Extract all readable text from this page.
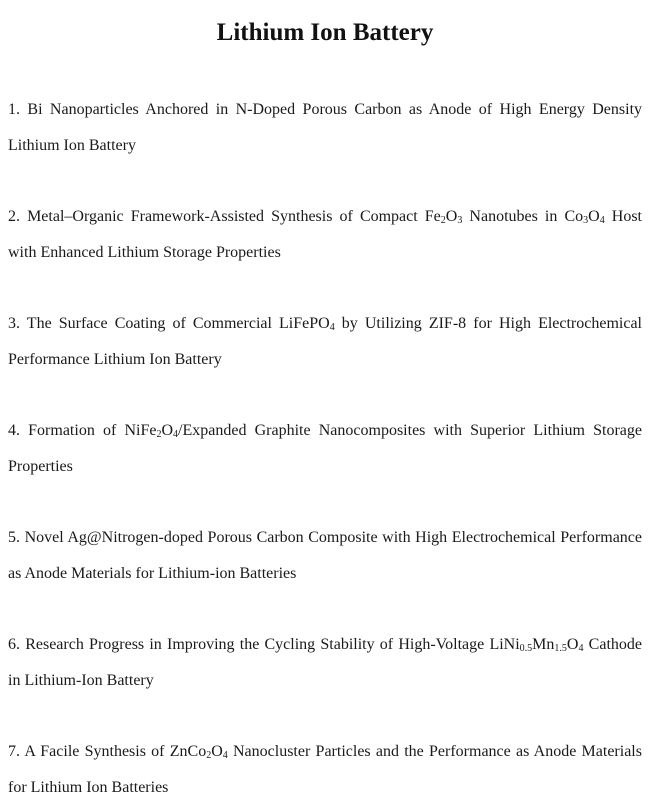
Lithium Ion Battery
1. Bi Nanoparticles Anchored in N-Doped Porous Carbon as Anode of High Energy Density Lithium Ion Battery
2. Metal–Organic Framework-Assisted Synthesis of Compact $Fe_2O_3$ Nanotubes in $Co_3O_4$ Host with Enhanced Lithium Storage Properties
3. The Surface Coating of Commercial LiFePO$_4$ by Utilizing ZIF-8 for High Electrochemical Performance Lithium Ion Battery
4. Formation of $NiFe_2O_4$/Expanded Graphite Nanocomposites with Superior Lithium Storage Properties
5. Novel Ag@Nitrogen-doped Porous Carbon Composite with High Electrochemical Performance as Anode Materials for Lithium-ion Batteries
6. Research Progress in Improving the Cycling Stability of High-Voltage $LiNi_{0.5}Mn_{1.5}O_4$ Cathode in Lithium-Ion Battery
7. A Facile Synthesis of $ZnCo_2O_4$ Nanocluster Particles and the Performance as Anode Materials for Lithium Ion Batteries
